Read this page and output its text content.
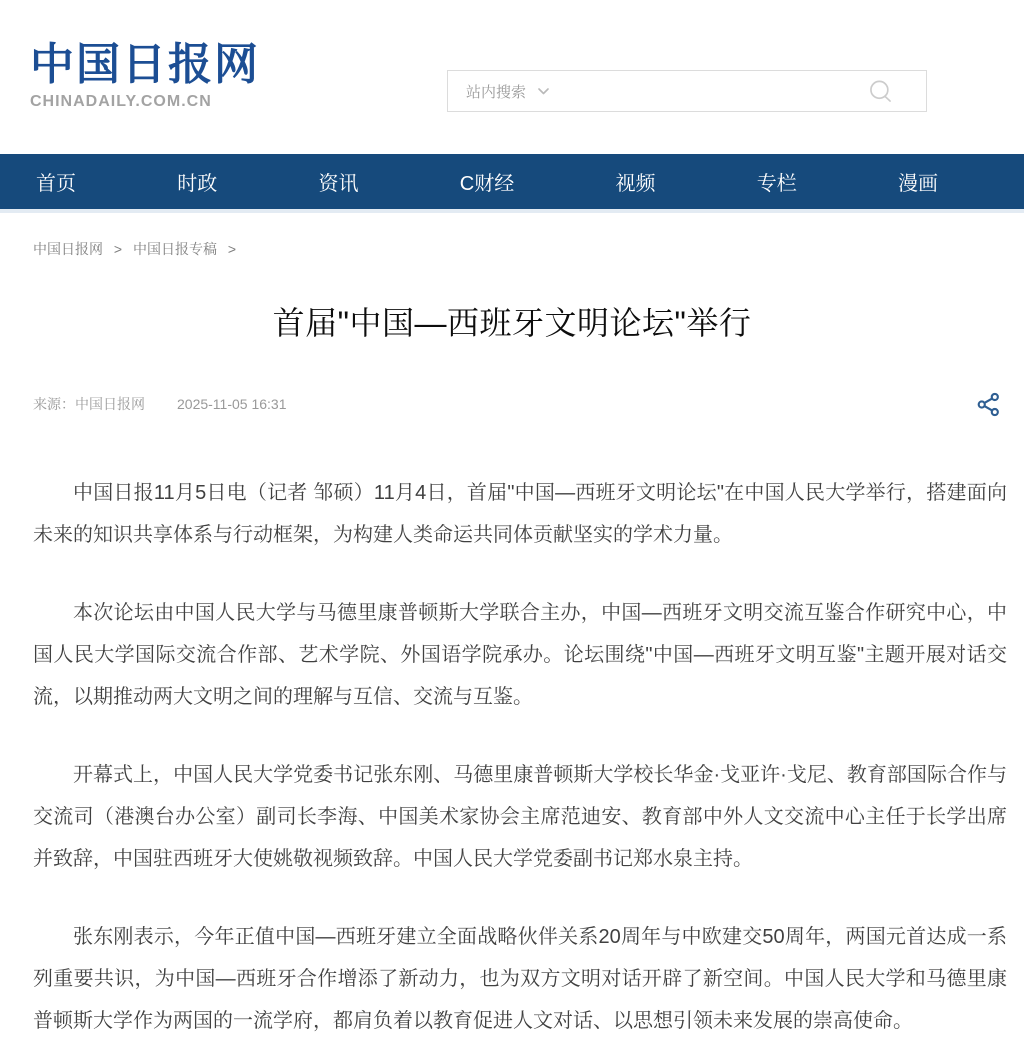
中国日报网
CHINADAILY.COM.CN
站内搜索
首页	时政	资讯	C财经	视频	专栏	漫画
中国日报网 > 中国日报专稿 >
首届"中国—西班牙文明论坛"举行
来源：中国日报网 2025-11-05 16:31

中国日报11月5日电（记者 邹硕）11月4日，首届"中国—西班牙文明论坛"在中国人民大学举行，搭建面向未来的知识共享体系与行动框架，为构建人类命运共同体贡献坚实的学术力量。

本次论坛由中国人民大学与马德里康普顿斯大学联合主办，中国—西班牙文明交流互鉴合作研究中心，中国人民大学国际交流合作部、艺术学院、外国语学院承办。论坛围绕"中国—西班牙文明互鉴"主题开展对话交流，以期推动两大文明之间的理解与互信、交流与互鉴。

开幕式上，中国人民大学党委书记张东刚、马德里康普顿斯大学校长华金·戈亚许·戈尼、教育部国际合作与交流司（港澳台办公室）副司长李海、中国美术家协会主席范迪安、教育部中外人文交流中心主任于长学出席并致辞，中国驻西班牙大使姚敬视频致辞。中国人民大学党委副书记郑水泉主持。

张东刚表示，今年正值中国—西班牙建立全面战略伙伴关系20周年与中欧建交50周年，两国元首达成一系列重要共识，为中国—西班牙合作增添了新动力，也为双方文明对话开辟了新空间。中国人民大学和马德里康普顿斯大学作为两国的一流学府，都肩负着以教育促进人文对话、以思想引领未来发展的崇高使命。
